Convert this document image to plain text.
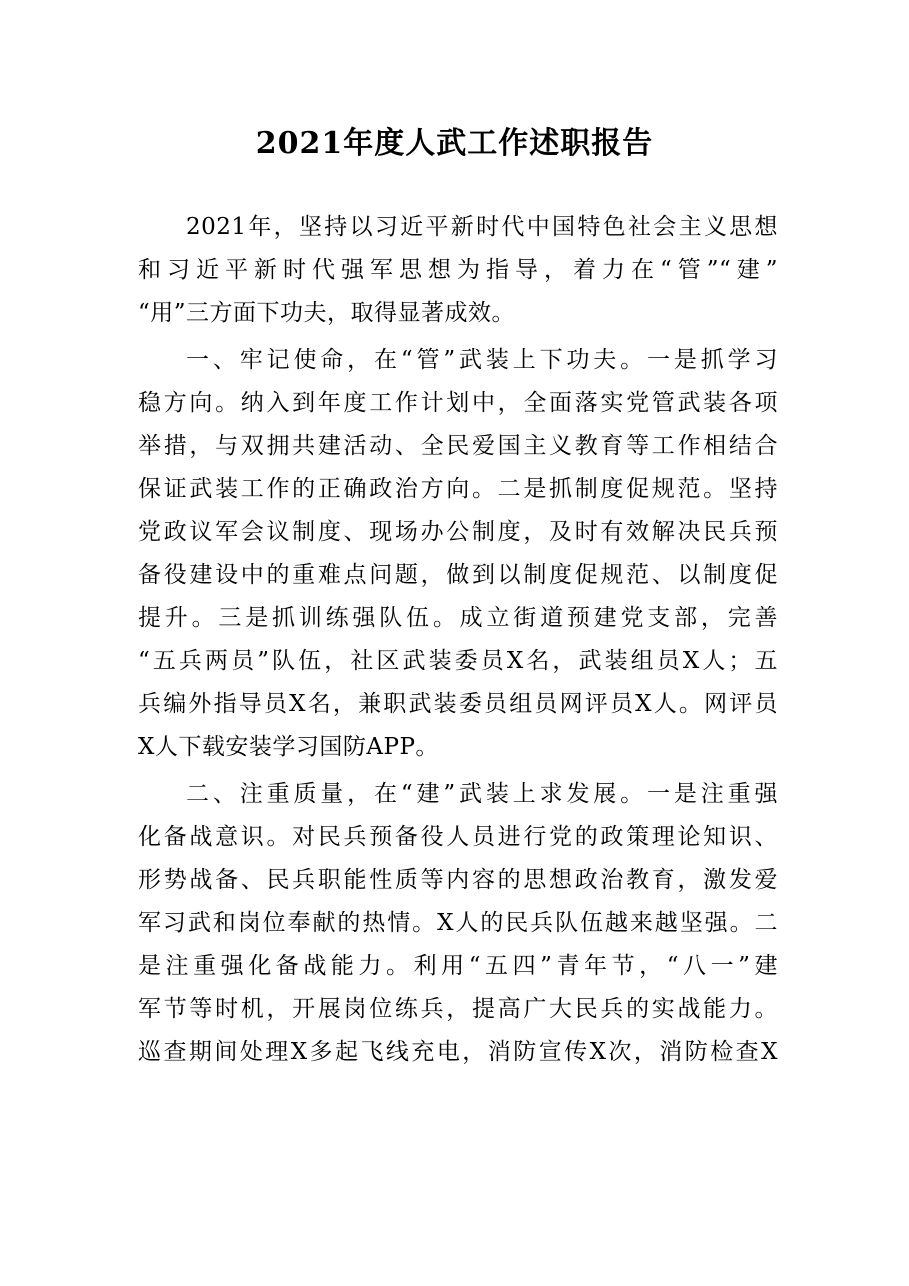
2021年度人武工作述职报告
2021年，坚持以习近平新时代中国特色社会主义思想
和习近平新时代强军思想为指导，着力在“管”“建”
“用”三方面下功夫，取得显著成效。
一、牢记使命，在“管”武装上下功夫。一是抓学习
稳方向。纳入到年度工作计划中，全面落实党管武装各项
举措，与双拥共建活动、全民爱国主义教育等工作相结合
保证武装工作的正确政治方向。二是抓制度促规范。坚持
党政议军会议制度、现场办公制度，及时有效解决民兵预
备役建设中的重难点问题，做到以制度促规范、以制度促
提升。三是抓训练强队伍。成立街道预建党支部，完善
“五兵两员”队伍，社区武装委员X名，武装组员X人；五
兵编外指导员X名，兼职武装委员组员网评员X人。网评员
X人下载安装学习国防APP。
二、注重质量，在“建”武装上求发展。一是注重强
化备战意识。对民兵预备役人员进行党的政策理论知识、
形势战备、民兵职能性质等内容的思想政治教育，激发爱
军习武和岗位奉献的热情。X人的民兵队伍越来越坚强。二
是注重强化备战能力。利用“五四”青年节，“八一”建
军节等时机，开展岗位练兵，提高广大民兵的实战能力。
巡查期间处理X多起飞线充电，消防宣传X次，消防检查X
